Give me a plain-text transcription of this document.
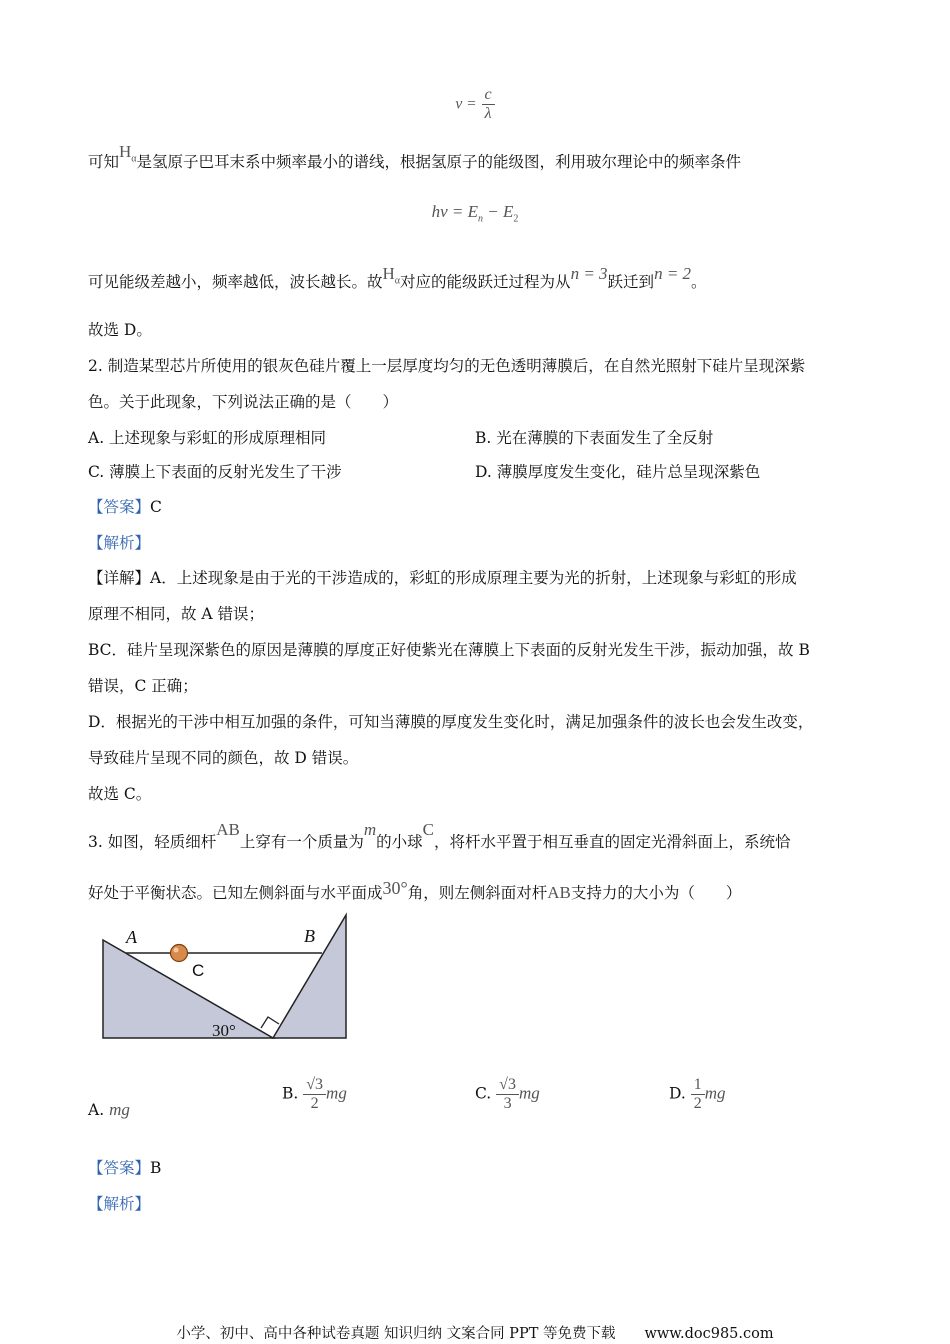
$\nu = \frac{c}{\lambda}$
可知$H_\alpha$是氢原子巴耳末系中频率最小的谱线，根据氢原子的能级图，利用玻尔理论中的频率条件
$h\nu = E_n - E_2$
可见能级差越小，频率越低，波长越长。故$H_\alpha$对应的能级跃迁过程为从n = 3跃迁到n = 2。
故选 D。
2. 制造某型芯片所使用的银灰色硅片覆上一层厚度均匀的无色透明薄膜后，在自然光照射下硅片呈现深紫
色。关于此现象，下列说法正确的是（　　）
A. 上述现象与彩虹的形成原理相同	B. 光在薄膜的下表面发生了全反射
C. 薄膜上下表面的反射光发生了干涉	D. 薄膜厚度发生变化，硅片总呈现深紫色
【答案】C
【解析】
【详解】A．上述现象是由于光的干涉造成的，彩虹的形成原理主要为光的折射，上述现象与彩虹的形成
原理不相同，故 A 错误；
BC．硅片呈现深紫色的原因是薄膜的厚度正好使紫光在薄膜上下表面的反射光发生干涉，振动加强，故 B
错误，C 正确；
D．根据光的干涉中相互加强的条件，可知当薄膜的厚度发生变化时，满足加强条件的波长也会发生改变，
导致硅片呈现不同的颜色，故 D 错误。
故选 C。
3. 如图，轻质细杆AB上穿有一个质量为m的小球C，将杆水平置于相互垂直的固定光滑斜面上，系统恰
好处于平衡状态。已知左侧斜面与水平面成30°角，则左侧斜面对杆AB支持力的大小为（　　）
A	B
C
30°
A. mg
B. $\frac{√3}{2}$ mg	C. $\frac{√3}{3}$ mg	D. $\frac{1}{2}$ mg
【答案】B
【解析】
小学、初中、高中各种试卷真题 知识归纳 文案合同 PPT 等免费下载　　www.doc985.com
